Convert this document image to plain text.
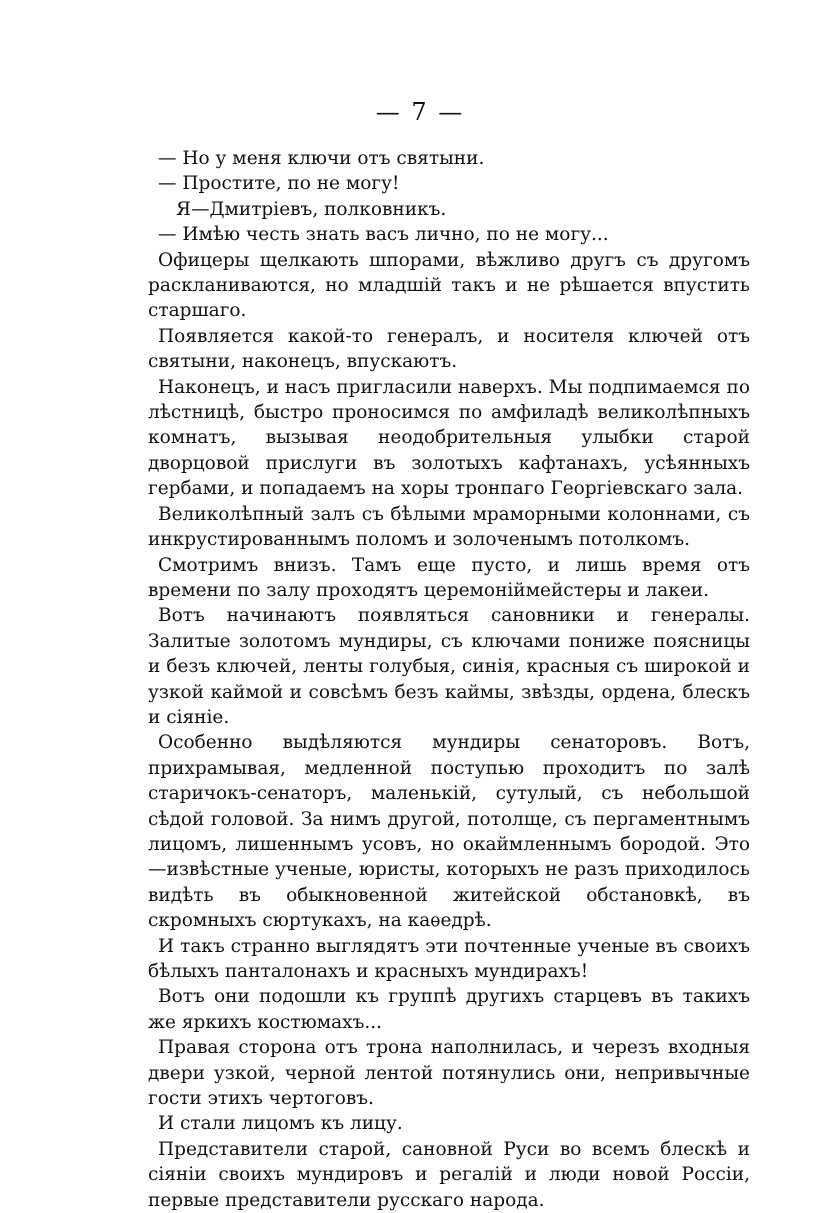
— 7 —

— Но у меня ключи отъ святыни.

— Простите, по не могу!

Я—Дмитріевъ, полковникъ.

— Имѣю честь знать васъ лично, по не могу...

Офицеры щелкають шпорами, вѣжливо другъ съ другомъ раскланиваются, но младшій такъ и не рѣшается впустить старшаго.

Появляется какой-то генералъ, и носителя ключей отъ святыни, наконецъ, впускаютъ.

Наконецъ, и насъ пригласили наверхъ. Мы подпимаемся по лѣстницѣ, быстро проносимся по амфиладѣ великолѣпныхъ комнатъ, вызывая неодобрительныя улыбки старой дворцовой прислуги въ золотыхъ кафтанахъ, усѣянныхъ гербами, и попадаемъ на хоры тронпаго Георгіевскаго зала.

Великолѣпный залъ съ бѣлыми мраморными колоннами, съ инкрустированнымъ поломъ и золоченымъ потолкомъ.

Смотримъ внизъ. Тамъ еще пусто, и лишь время отъ времени по залу проходятъ церемоніймейстеры и лакеи.

Вотъ начинаютъ появляться сановники и генералы. Залитые золотомъ мундиры, съ ключами пониже поясницы и безъ ключей, ленты голубыя, синія, красныя съ широкой и узкой каймой и совсѣмъ безъ каймы, звѣзды, ордена, блескъ и сіяніе.

Особенно выдѣляются мундиры сенаторовъ. Вотъ, прихрамывая, медленной поступью проходитъ по залѣ старичокъ-сенаторъ, маленькій, сутулый, съ небольшой сѣдой головой. За нимъ другой, потолще, съ пергаментнымъ лицомъ, лишеннымъ усовъ, но окаймленнымъ бородой. Это—извѣстные ученые, юристы, которыхъ не разъ приходилось видѣть въ обыкновенной житейской обстановкѣ, въ скромныхъ сюртукахъ, на каѳедрѣ.

И такъ странно выглядятъ эти почтенные ученые въ своихъ бѣлыхъ панталонахъ и красныхъ мундирахъ!

Вотъ они подошли къ группѣ другихъ старцевъ въ такихъ же яркихъ костюмахъ...

Правая сторона отъ трона наполнилась, и черезъ входныя двери узкой, черной лентой потянулись они, непривычные гости этихъ чертоговъ.

И стали лицомъ къ лицу.

Представители старой, сановной Руси во всемъ блескѣ и сіяніи своихъ мундировъ и регалій и люди новой Россіи, первые представители русскаго народа.
